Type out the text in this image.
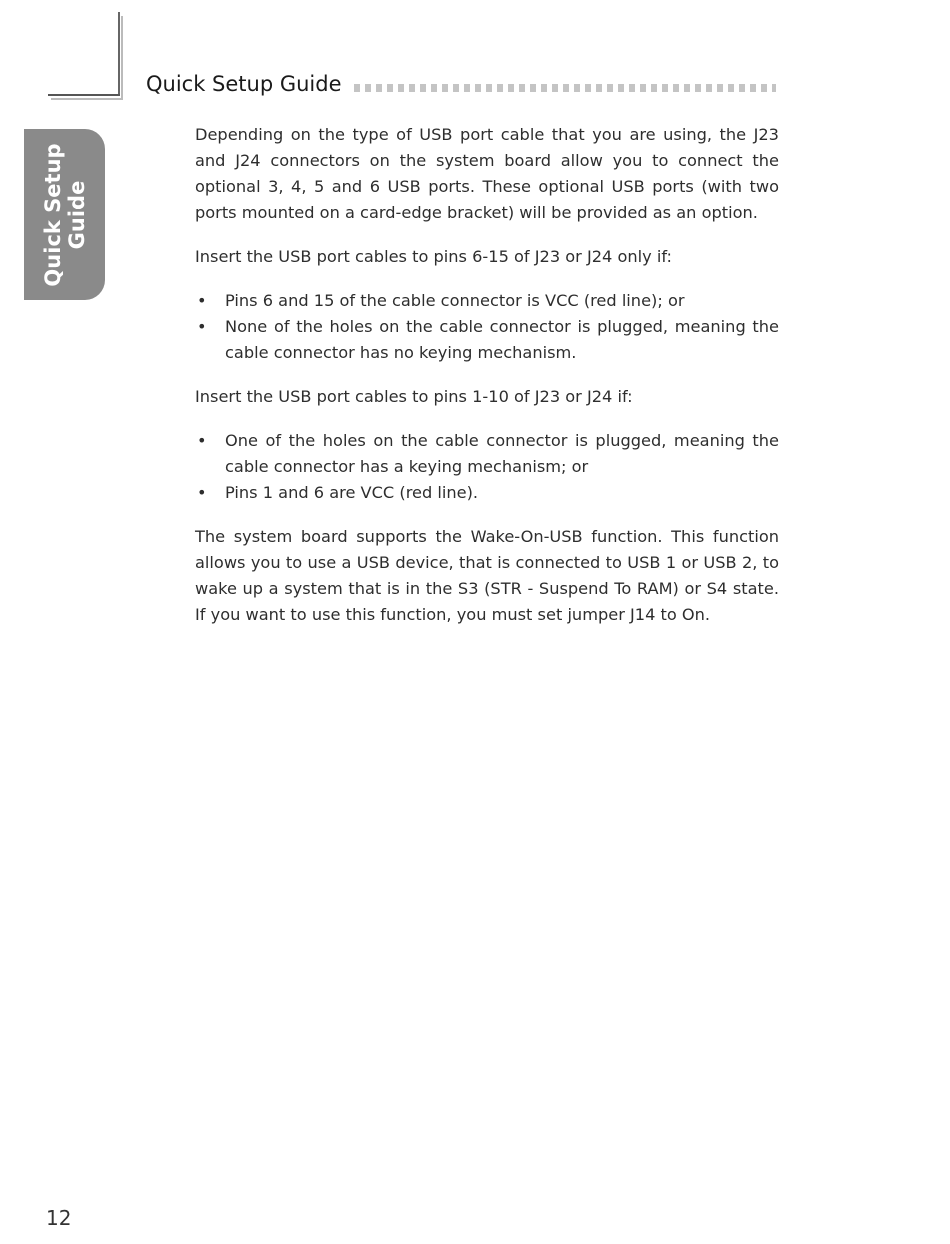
Quick Setup Guide
Quick Setup Guide

Depending on the type of USB port cable that you are using, the J23 and J24 connectors on the system board allow you to connect the optional 3, 4, 5 and 6 USB ports. These optional USB ports (with two ports mounted on a card-edge bracket) will be provided as an option.

Insert the USB port cables to pins 6-15 of J23 or J24 only if:

• Pins 6 and 15 of the cable connector is VCC (red line); or
• None of the holes on the cable connector is plugged, meaning the cable connector has no keying mechanism.

Insert the USB port cables to pins 1-10 of J23 or J24 if:

• One of the holes on the cable connector is plugged, meaning the cable connector has a keying mechanism; or
• Pins 1 and 6 are VCC (red line).

The system board supports the Wake-On-USB function. This function allows you to use a USB device, that is connected to USB 1 or USB 2, to wake up a system that is in the S3 (STR - Suspend To RAM) or S4 state. If you want to use this function, you must set jumper J14 to On.

12
